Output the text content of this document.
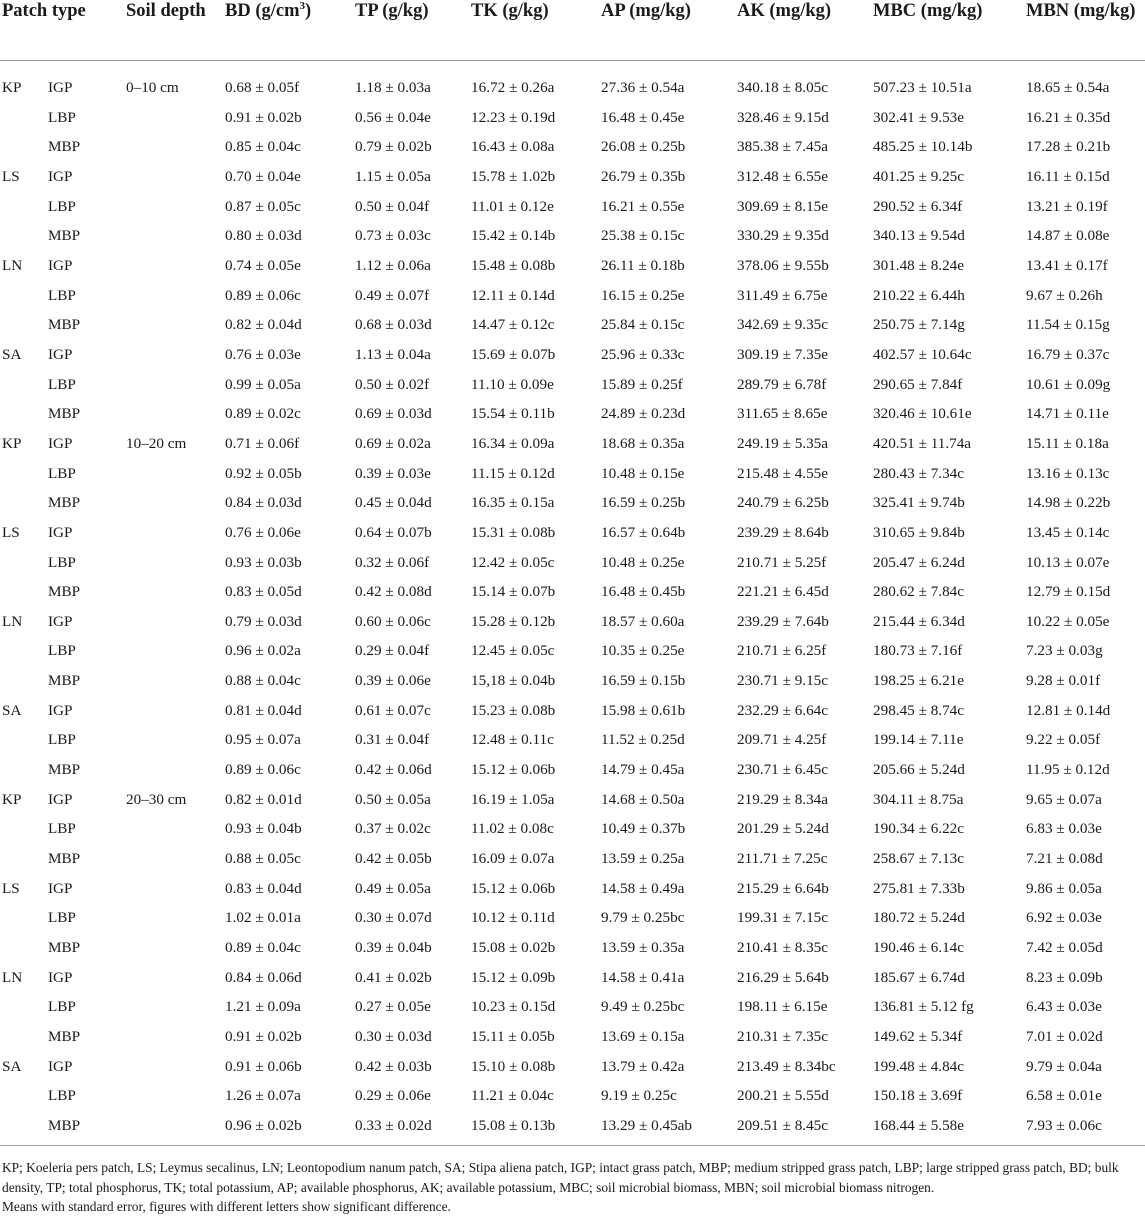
Patch type		Soil depth	BD $(g/cm^3)$	TP (g/kg)	TK (g/kg)	AP (mg/kg)	AK (mg/kg)	MBC (mg/kg)	MBN (mg/kg)
KP	IGP	0–10 cm	0.68 ± 0.05f	1.18 ± 0.03a	16.72 ± 0.26a	27.36 ± 0.54a	340.18 ± 8.05c	507.23 ± 10.51a	18.65 ± 0.54a
	LBP		0.91 ± 0.02b	0.56 ± 0.04e	12.23 ± 0.19d	16.48 ± 0.45e	328.46 ± 9.15d	302.41 ± 9.53e	16.21 ± 0.35d
	MBP		0.85 ± 0.04c	0.79 ± 0.02b	16.43 ± 0.08a	26.08 ± 0.25b	385.38 ± 7.45a	485.25 ± 10.14b	17.28 ± 0.21b
LS	IGP		0.70 ± 0.04e	1.15 ± 0.05a	15.78 ± 1.02b	26.79 ± 0.35b	312.48 ± 6.55e	401.25 ± 9.25c	16.11 ± 0.15d
	LBP		0.87 ± 0.05c	0.50 ± 0.04f	11.01 ± 0.12e	16.21 ± 0.55e	309.69 ± 8.15e	290.52 ± 6.34f	13.21 ± 0.19f
	MBP		0.80 ± 0.03d	0.73 ± 0.03c	15.42 ± 0.14b	25.38 ± 0.15c	330.29 ± 9.35d	340.13 ± 9.54d	14.87 ± 0.08e
LN	IGP		0.74 ± 0.05e	1.12 ± 0.06a	15.48 ± 0.08b	26.11 ± 0.18b	378.06 ± 9.55b	301.48 ± 8.24e	13.41 ± 0.17f
	LBP		0.89 ± 0.06c	0.49 ± 0.07f	12.11 ± 0.14d	16.15 ± 0.25e	311.49 ± 6.75e	210.22 ± 6.44h	9.67 ± 0.26h
	MBP		0.82 ± 0.04d	0.68 ± 0.03d	14.47 ± 0.12c	25.84 ± 0.15c	342.69 ± 9.35c	250.75 ± 7.14g	11.54 ± 0.15g
SA	IGP		0.76 ± 0.03e	1.13 ± 0.04a	15.69 ± 0.07b	25.96 ± 0.33c	309.19 ± 7.35e	402.57 ± 10.64c	16.79 ± 0.37c
	LBP		0.99 ± 0.05a	0.50 ± 0.02f	11.10 ± 0.09e	15.89 ± 0.25f	289.79 ± 6.78f	290.65 ± 7.84f	10.61 ± 0.09g
	MBP		0.89 ± 0.02c	0.69 ± 0.03d	15.54 ± 0.11b	24.89 ± 0.23d	311.65 ± 8.65e	320.46 ± 10.61e	14.71 ± 0.11e
KP	IGP	10–20 cm	0.71 ± 0.06f	0.69 ± 0.02a	16.34 ± 0.09a	18.68 ± 0.35a	249.19 ± 5.35a	420.51 ± 11.74a	15.11 ± 0.18a
	LBP		0.92 ± 0.05b	0.39 ± 0.03e	11.15 ± 0.12d	10.48 ± 0.15e	215.48 ± 4.55e	280.43 ± 7.34c	13.16 ± 0.13c
	MBP		0.84 ± 0.03d	0.45 ± 0.04d	16.35 ± 0.15a	16.59 ± 0.25b	240.79 ± 6.25b	325.41 ± 9.74b	14.98 ± 0.22b
LS	IGP		0.76 ± 0.06e	0.64 ± 0.07b	15.31 ± 0.08b	16.57 ± 0.64b	239.29 ± 8.64b	310.65 ± 9.84b	13.45 ± 0.14c
	LBP		0.93 ± 0.03b	0.32 ± 0.06f	12.42 ± 0.05c	10.48 ± 0.25e	210.71 ± 5.25f	205.47 ± 6.24d	10.13 ± 0.07e
	MBP		0.83 ± 0.05d	0.42 ± 0.08d	15.14 ± 0.07b	16.48 ± 0.45b	221.21 ± 6.45d	280.62 ± 7.84c	12.79 ± 0.15d
LN	IGP		0.79 ± 0.03d	0.60 ± 0.06c	15.28 ± 0.12b	18.57 ± 0.60a	239.29 ± 7.64b	215.44 ± 6.34d	10.22 ± 0.05e
	LBP		0.96 ± 0.02a	0.29 ± 0.04f	12.45 ± 0.05c	10.35 ± 0.25e	210.71 ± 6.25f	180.73 ± 7.16f	7.23 ± 0.03g
	MBP		0.88 ± 0.04c	0.39 ± 0.06e	15,18 ± 0.04b	16.59 ± 0.15b	230.71 ± 9.15c	198.25 ± 6.21e	9.28 ± 0.01f
SA	IGP		0.81 ± 0.04d	0.61 ± 0.07c	15.23 ± 0.08b	15.98 ± 0.61b	232.29 ± 6.64c	298.45 ± 8.74c	12.81 ± 0.14d
	LBP		0.95 ± 0.07a	0.31 ± 0.04f	12.48 ± 0.11c	11.52 ± 0.25d	209.71 ± 4.25f	199.14 ± 7.11e	9.22 ± 0.05f
	MBP		0.89 ± 0.06c	0.42 ± 0.06d	15.12 ± 0.06b	14.79 ± 0.45a	230.71 ± 6.45c	205.66 ± 5.24d	11.95 ± 0.12d
KP	IGP	20–30 cm	0.82 ± 0.01d	0.50 ± 0.05a	16.19 ± 1.05a	14.68 ± 0.50a	219.29 ± 8.34a	304.11 ± 8.75a	9.65 ± 0.07a
	LBP		0.93 ± 0.04b	0.37 ± 0.02c	11.02 ± 0.08c	10.49 ± 0.37b	201.29 ± 5.24d	190.34 ± 6.22c	6.83 ± 0.03e
	MBP		0.88 ± 0.05c	0.42 ± 0.05b	16.09 ± 0.07a	13.59 ± 0.25a	211.71 ± 7.25c	258.67 ± 7.13c	7.21 ± 0.08d
LS	IGP		0.83 ± 0.04d	0.49 ± 0.05a	15.12 ± 0.06b	14.58 ± 0.49a	215.29 ± 6.64b	275.81 ± 7.33b	9.86 ± 0.05a
	LBP		1.02 ± 0.01a	0.30 ± 0.07d	10.12 ± 0.11d	9.79 ± 0.25bc	199.31 ± 7.15c	180.72 ± 5.24d	6.92 ± 0.03e
	MBP		0.89 ± 0.04c	0.39 ± 0.04b	15.08 ± 0.02b	13.59 ± 0.35a	210.41 ± 8.35c	190.46 ± 6.14c	7.42 ± 0.05d
LN	IGP		0.84 ± 0.06d	0.41 ± 0.02b	15.12 ± 0.09b	14.58 ± 0.41a	216.29 ± 5.64b	185.67 ± 6.74d	8.23 ± 0.09b
	LBP		1.21 ± 0.09a	0.27 ± 0.05e	10.23 ± 0.15d	9.49 ± 0.25bc	198.11 ± 6.15e	136.81 ± 5.12 fg	6.43 ± 0.03e
	MBP		0.91 ± 0.02b	0.30 ± 0.03d	15.11 ± 0.05b	13.69 ± 0.15a	210.31 ± 7.35c	149.62 ± 5.34f	7.01 ± 0.02d
SA	IGP		0.91 ± 0.06b	0.42 ± 0.03b	15.10 ± 0.08b	13.79 ± 0.42a	213.49 ± 8.34bc	199.48 ± 4.84c	9.79 ± 0.04a
	LBP		1.26 ± 0.07a	0.29 ± 0.06e	11.21 ± 0.04c	9.19 ± 0.25c	200.21 ± 5.55d	150.18 ± 3.69f	6.58 ± 0.01e
	MBP		0.96 ± 0.02b	0.33 ± 0.02d	15.08 ± 0.13b	13.29 ± 0.45ab	209.51 ± 8.45c	168.44 ± 5.58e	7.93 ± 0.06c

KP; Koeleria pers patch, LS; Leymus secalinus, LN; Leontopodium nanum patch, SA; Stipa aliena patch, IGP; intact grass patch, MBP; medium stripped grass patch, LBP; large stripped grass patch, BD; bulk density, TP; total phosphorus, TK; total potassium, AP; available phosphorus, AK; available potassium, MBC; soil microbial biomass, MBN; soil microbial biomass nitrogen.

Means with standard error, figures with different letters show significant difference.
